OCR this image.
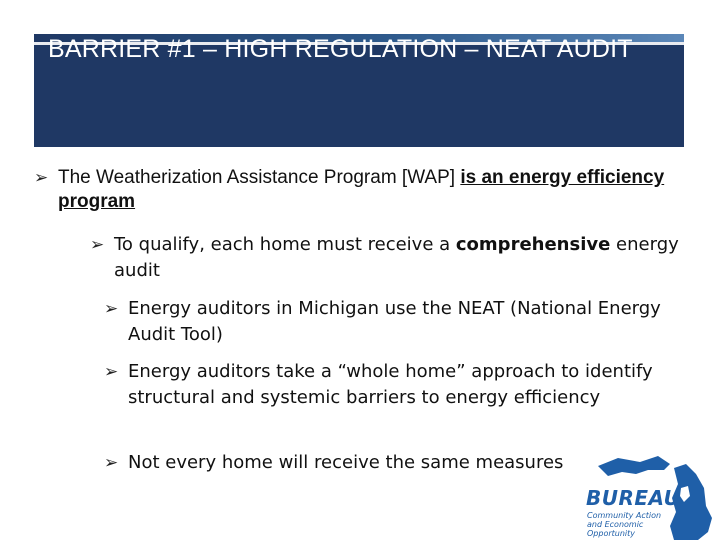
BARRIER #1 – HIGH REGULATION – NEAT AUDIT
➢ The Weatherization Assistance Program [WAP] is an energy efficiency program
➢ To qualify, each home must receive a comprehensive energy audit
➢ Energy auditors in Michigan use the NEAT (National Energy Audit Tool)
➢ Energy auditors take a “whole home” approach to identify structural and systemic barriers to energy efficiency
➢ Not every home will receive the same measures
BUREAU
Community Action and Economic Opportunity
